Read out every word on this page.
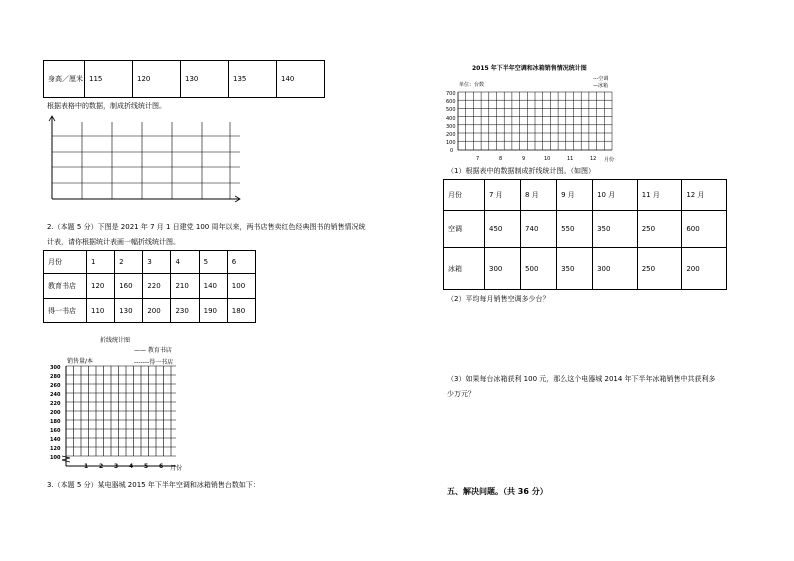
身高／厘米	115	120	130	135	140
根据表格中的数据，制成折线统计图。
2.（本题 5 分）下图是 2021 年 7 月 1 日建党 100 周年以来，两书店售卖红色经典图书的销售情况统
计表，请你根据统计表画一幅折线统计图。
月份	1	2	3	4	5	6
教育书店	120	160	220	210	140	100
得一书店	110	130	200	230	190	180
折线统计图
—— 教育书店
-------得一书店
销售量/本
300
280
260
240
220
200
180
160
140
120
100
1 2 3 4 5 6 月份
3.（本题 5 分）某电器城 2015 年下半年空调和冰箱销售台数如下：
2015 年下半年空调和冰箱销售情况统计图
单位：台数
---空调
—冰箱
700
600
500
400
300
200
100
0
7	8	9	10	11	12 月份
（1）根据表中的数据制成折线统计图。（如图）
月份	7 月	8 月	9 月	10 月	11 月	12 月
空调	450	740	550	350	250	600
冰箱	300	500	350	300	250	200
（2）平均每月销售空调多少台？
（3）如果每台冰箱获利 100 元，那么这个电器城 2014 年下半年冰箱销售中共获利多
少万元？
五、解决问题。（共 36 分）
